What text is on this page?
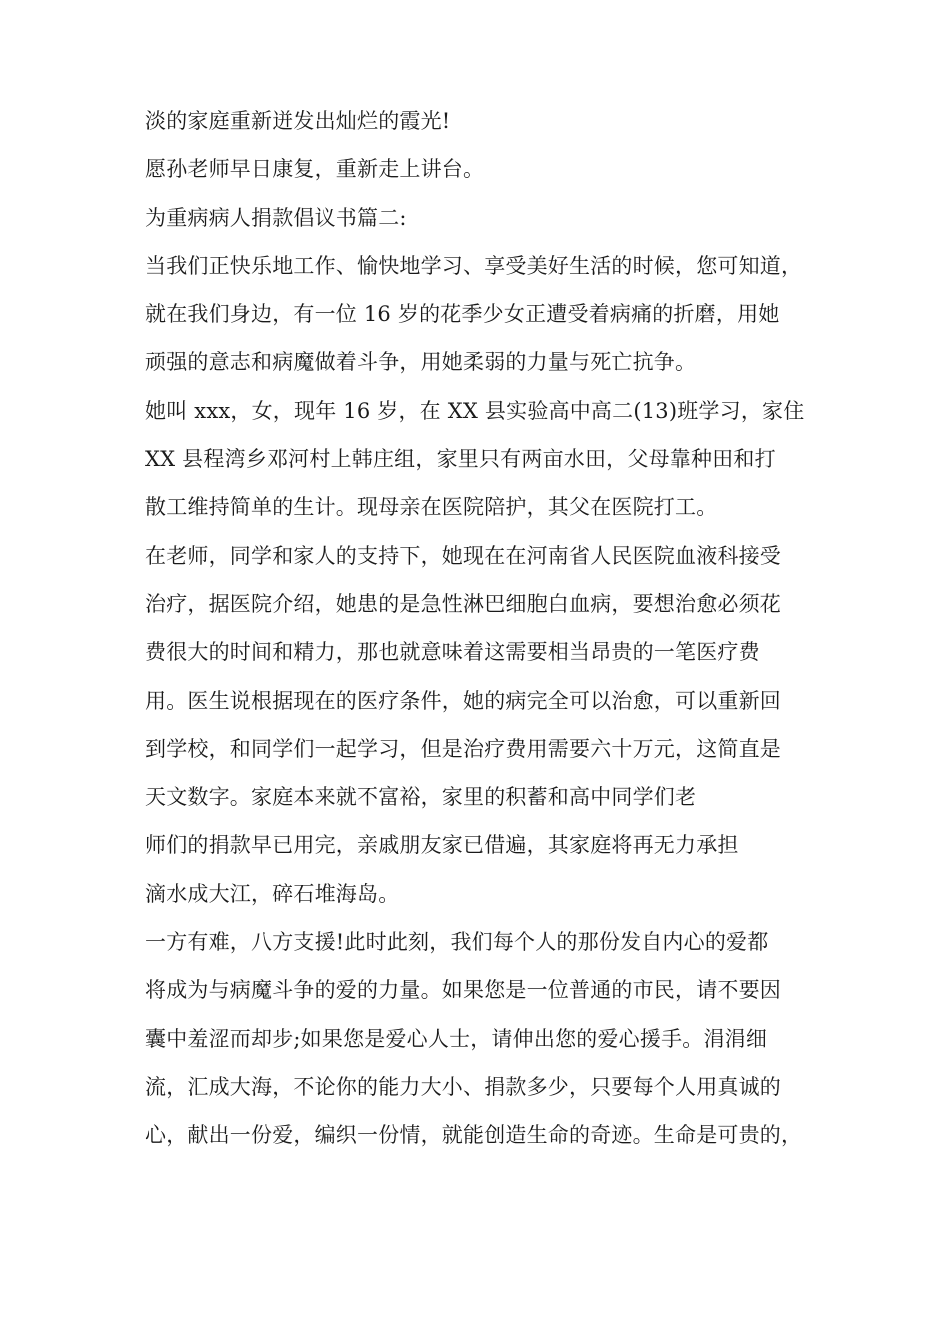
淡的家庭重新迸发出灿烂的霞光!
愿孙老师早日康复，重新走上讲台。
为重病病人捐款倡议书篇二:
当我们正快乐地工作、愉快地学习、享受美好生活的时候，您可知道，
就在我们身边，有一位 16 岁的花季少女正遭受着病痛的折磨，用她
顽强的意志和病魔做着斗争，用她柔弱的力量与死亡抗争。
她叫 xxx，女，现年 16 岁，在 XX 县实验高中高二(13)班学习，家住
XX 县程湾乡邓河村上韩庄组，家里只有两亩水田，父母靠种田和打
散工维持简单的生计。现母亲在医院陪护，其父在医院打工。
在老师，同学和家人的支持下，她现在在河南省人民医院血液科接受
治疗，据医院介绍，她患的是急性淋巴细胞白血病，要想治愈必须花
费很大的时间和精力，那也就意味着这需要相当昂贵的一笔医疗费
用。医生说根据现在的医疗条件，她的病完全可以治愈，可以重新回
到学校，和同学们一起学习，但是治疗费用需要六十万元，这简直是
天文数字。家庭本来就不富裕，家里的积蓄和高中同学们老
师们的捐款早已用完，亲戚朋友家已借遍，其家庭将再无力承担
滴水成大江，碎石堆海岛。
一方有难，八方支援!此时此刻，我们每个人的那份发自内心的爱都
将成为与病魔斗争的爱的力量。如果您是一位普通的市民，请不要因
囊中羞涩而却步;如果您是爱心人士，请伸出您的爱心援手。涓涓细
流，汇成大海，不论你的能力大小、捐款多少，只要每个人用真诚的
心，献出一份爱，编织一份情，就能创造生命的奇迹。生命是可贵的，
